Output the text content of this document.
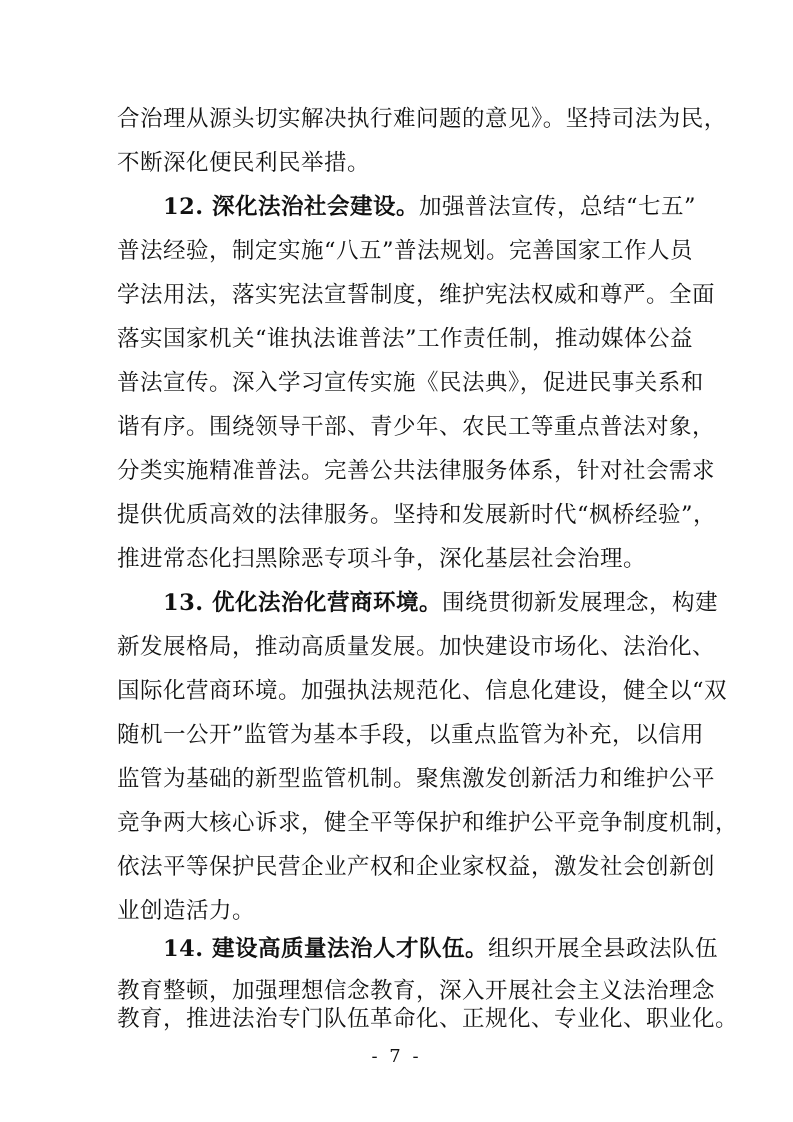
合治理从源头切实解决执行难问题的意见》。坚持司法为民，
不断深化便民利民举措。
12. 深化法治社会建设。加强普法宣传，总结“七五”
普法经验，制定实施“八五”普法规划。完善国家工作人员
学法用法，落实宪法宣誓制度，维护宪法权威和尊严。全面
落实国家机关“谁执法谁普法”工作责任制，推动媒体公益
普法宣传。深入学习宣传实施《民法典》，促进民事关系和
谐有序。围绕领导干部、青少年、农民工等重点普法对象，
分类实施精准普法。完善公共法律服务体系，针对社会需求
提供优质高效的法律服务。坚持和发展新时代“枫桥经验”，
推进常态化扫黑除恶专项斗争，深化基层社会治理。
13. 优化法治化营商环境。围绕贯彻新发展理念，构建
新发展格局，推动高质量发展。加快建设市场化、法治化、
国际化营商环境。加强执法规范化、信息化建设，健全以“双
随机一公开”监管为基本手段，以重点监管为补充，以信用
监管为基础的新型监管机制。聚焦激发创新活力和维护公平
竞争两大核心诉求，健全平等保护和维护公平竞争制度机制，
依法平等保护民营企业产权和企业家权益，激发社会创新创
业创造活力。
14. 建设高质量法治人才队伍。组织开展全县政法队伍
教育整顿，加强理想信念教育，深入开展社会主义法治理念
教育，推进法治专门队伍革命化、正规化、专业化、职业化。
- 7 -
